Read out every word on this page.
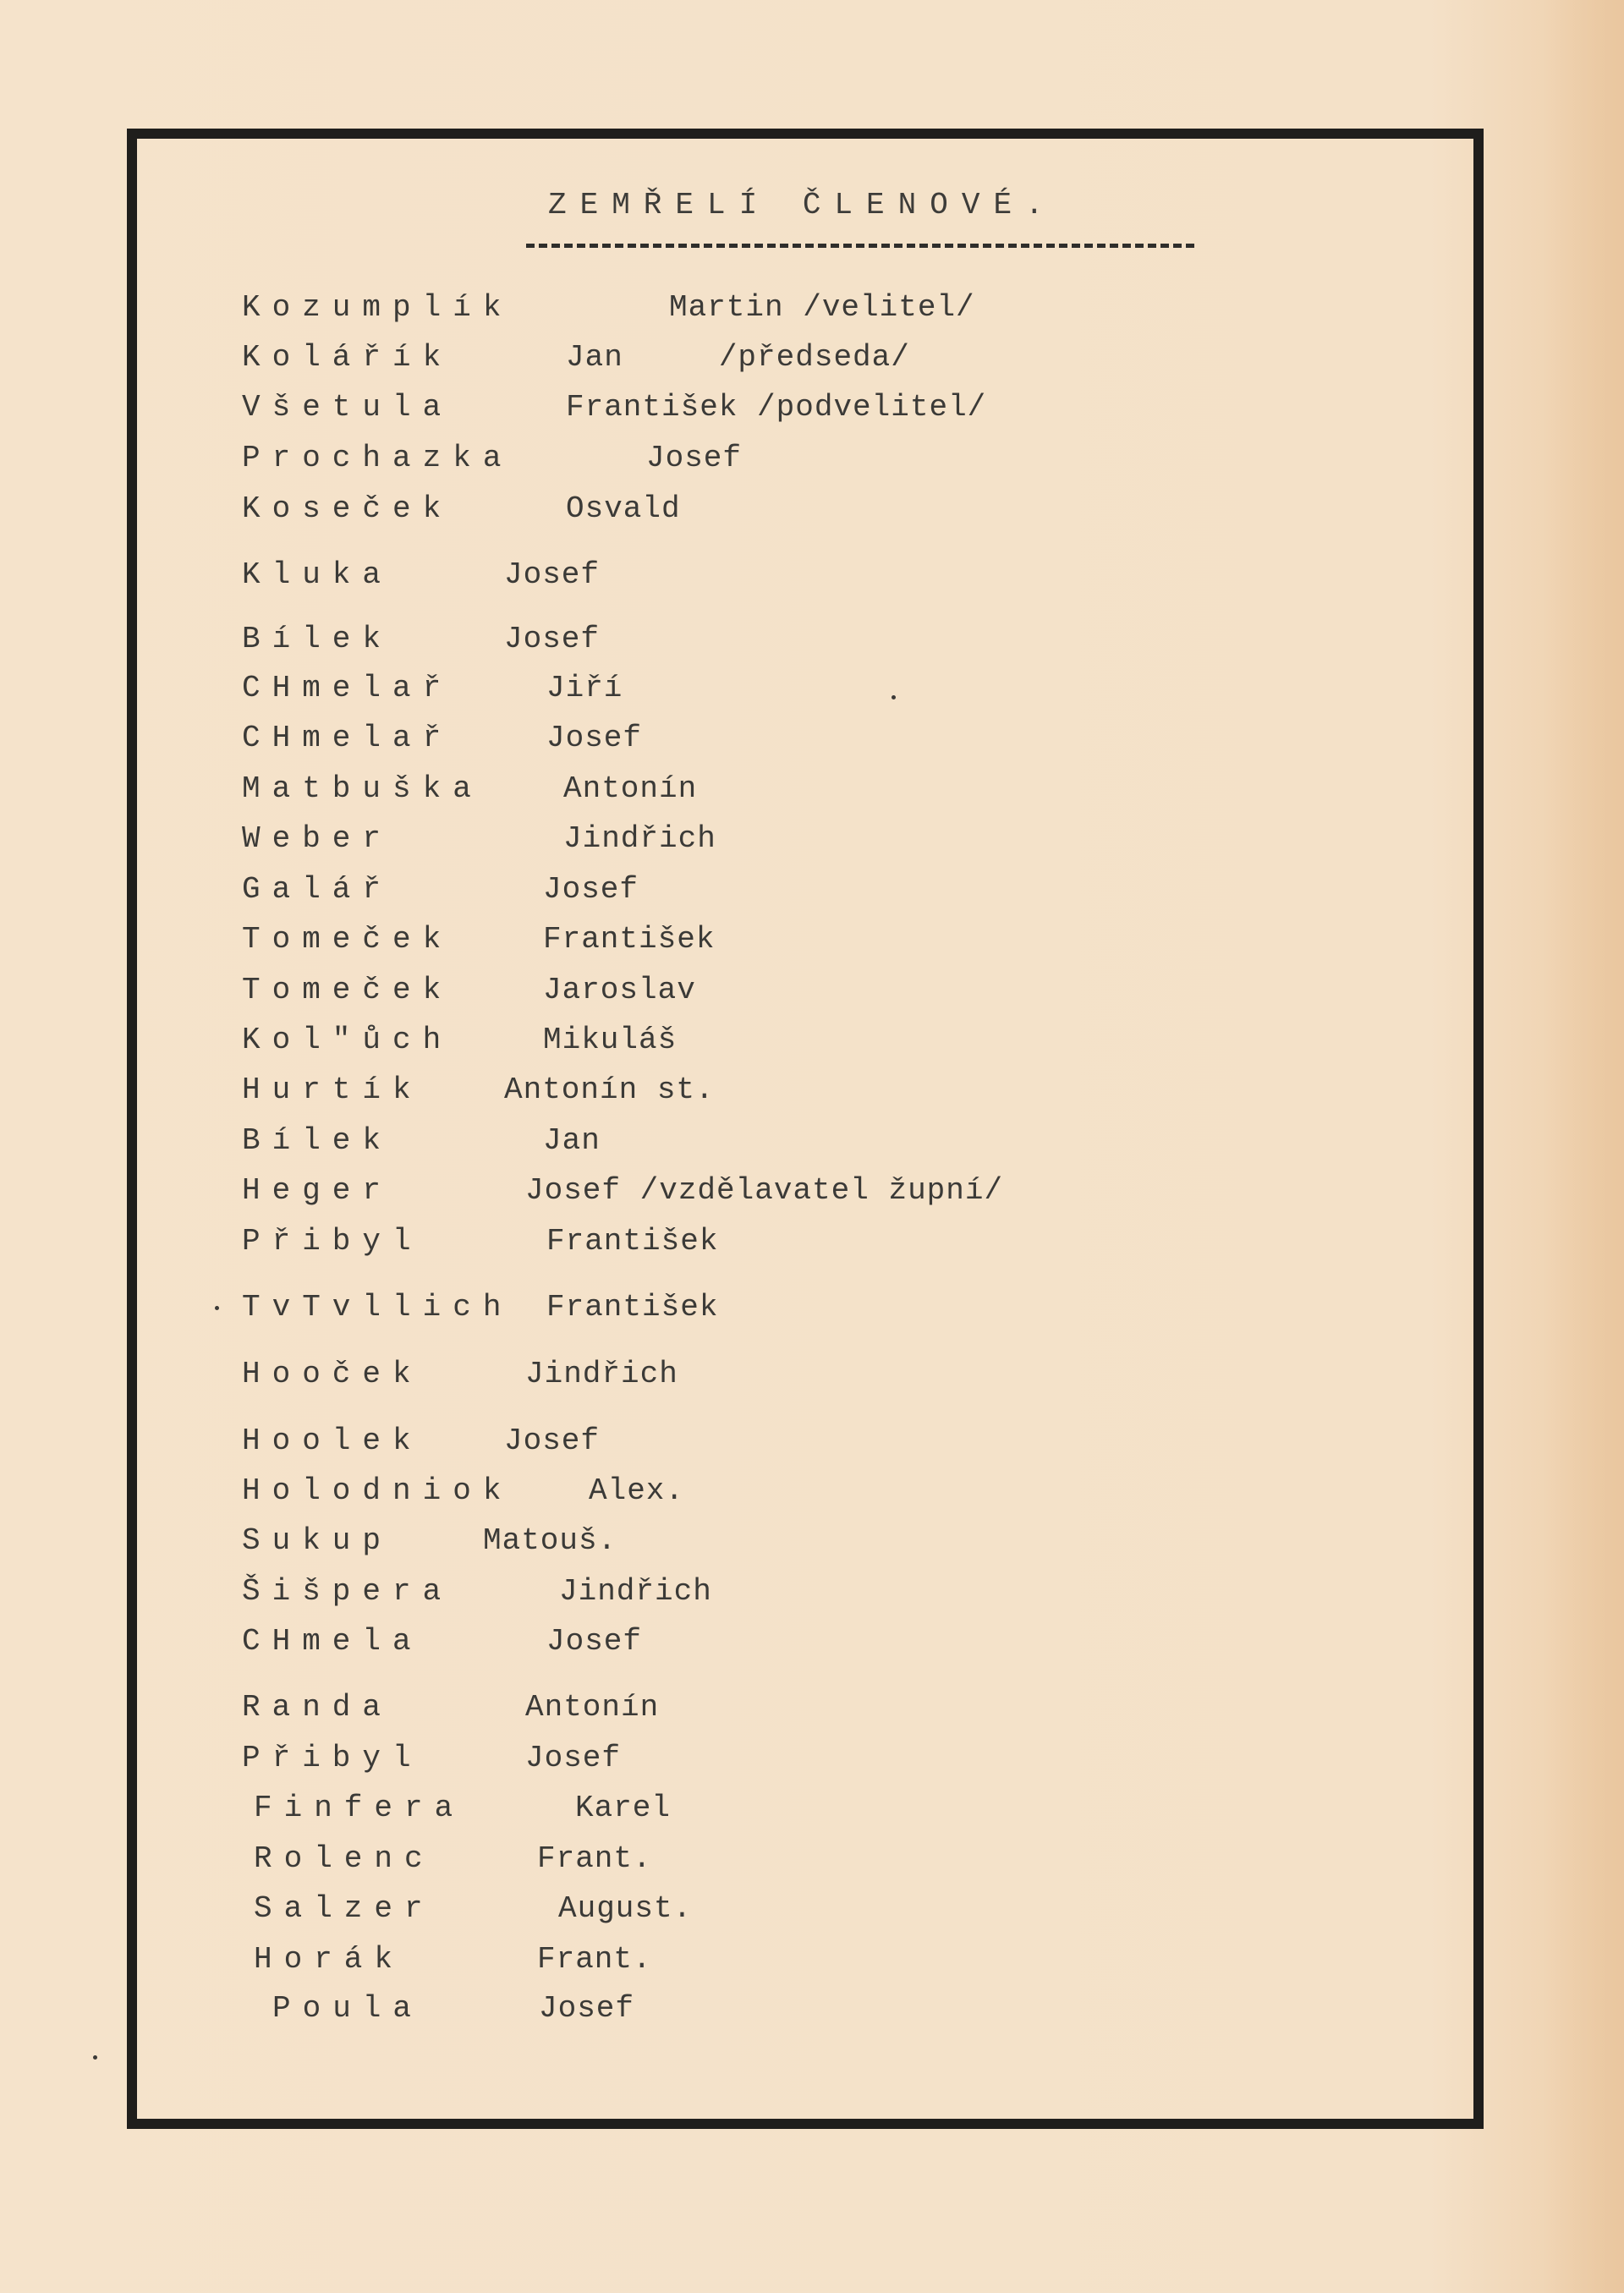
ZEMŘELÍ ČLENOVÉ.
Kozumplík	Martin /velitel/
Kolářík	Jan     /předseda/
Všetula	František /podvelitel/
Prochazka	Josef
Koseček	Osvald
Kluka	Josef
Bílek	Josef
CHmelař	Jiří
CHmelař	Josef
Matbuška	Antonín
Weber	Jindřich
Galář	Josef
Tomeček	František
Tomeček	Jaroslav
Kol"ůch	Mikuláš
Hurtík	Antonín st.
Bílek	Jan
Heger	Josef /vzdělavatel župní/
Přibyl	František
TvTvllich František
Hooček	Jindřich
Hoolek	Josef
Holodniok Alex.
Sukup	Matouš.
Šišpera	Jindřich
CHmela	Josef
Randa	Antonín
Přibyl	Josef
Finfera	Karel
Rolenc	Frant.
Salzer	August.
Horák	Frant.
Poula	Josef
